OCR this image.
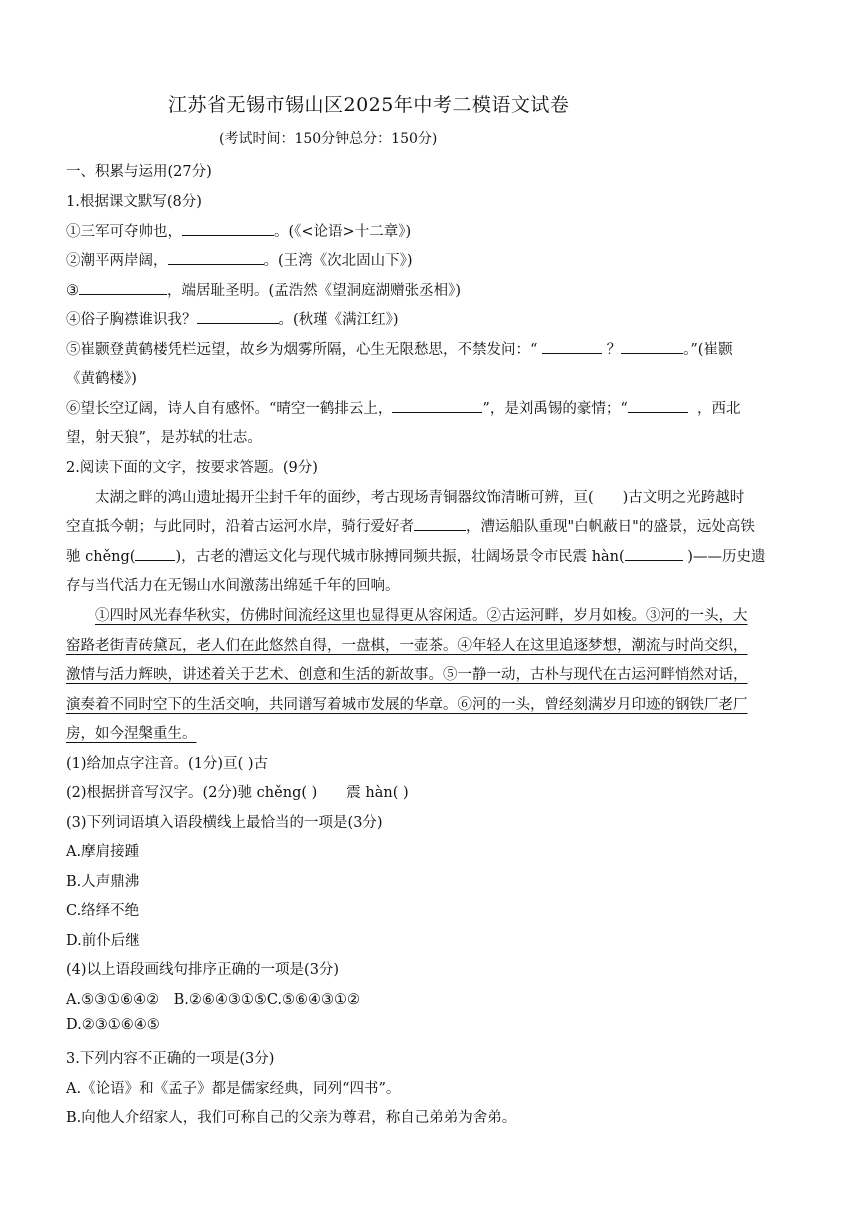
江苏省无锡市锡山区2025年中考二模语文试卷
(考试时间：150分钟总分：150分)
一、积累与运用(27分)
1.根据课文默写(8分)
①三军可夺帅也，	。(《<论语>十二章》)
②潮平两岸阔，	。(王湾《次北固山下》)
③	，端居耻圣明。(孟浩然《望洞庭湖赠张丞相》)
④俗子胸襟谁识我？	。(秋瑾《满江红》)
⑤崔颢登黄鹤楼凭栏远望，故乡为烟雾所隔，心生无限愁思，不禁发问：“	？	。”(崔颢
《黄鹤楼》)
⑥望长空辽阔，诗人自有感怀。“晴空一鹤排云上，	”，是刘禹锡的豪情；“	，西北
望，射天狼”，是苏轼的壮志。
2.阅读下面的文字，按要求答题。(9分)
太湖之畔的鸿山遗址揭开尘封千年的面纱，考古现场青铜器纹饰清晰可辨，亘(　　)古文明之光跨越时
空直抵今朝；与此同时，沿着古运河水岸，骑行爱好者	，漕运船队重现"白帆蔽日"的盛景，远处高铁
驰 chěng(	)，古老的漕运文化与现代城市脉搏同频共振，壮阔场景令市民震 hàn(	)——历史遗
存与当代活力在无锡山水间激荡出绵延千年的回响。
①四时风光春华秋实，仿佛时间流经这里也显得更从容闲适。②古运河畔，岁月如梭。③河的一头，大
窑路老街青砖黛瓦，老人们在此悠然自得，一盘棋，一壶茶。④年轻人在这里追逐梦想，潮流与时尚交织，
激情与活力辉映，讲述着关于艺术、创意和生活的新故事。⑤一静一动，古朴与现代在古运河畔悄然对话，
演奏着不同时空下的生活交响，共同谱写着城市发展的华章。⑥河的一头，曾经刻满岁月印迹的钢铁厂老厂
房，如今涅槃重生。
(1)给加点字注音。(1分)亘( )古
(2)根据拼音写汉字。(2分)驰 chěng( )　　震 hàn( )
(3)下列词语填入语段横线上最恰当的一项是(3分)
A.摩肩接踵
B.人声鼎沸
C.络绎不绝
D.前仆后继
(4)以上语段画线句排序正确的一项是(3分)
A.⑤③①⑥④②　B.②⑥④③①⑤C.⑤⑥④③①②
D.②③①⑥④⑤
3.下列内容不正确的一项是(3分)
A.《论语》和《孟子》都是儒家经典，同列“四书”。
B.向他人介绍家人，我们可称自己的父亲为尊君，称自己弟弟为舍弟。
